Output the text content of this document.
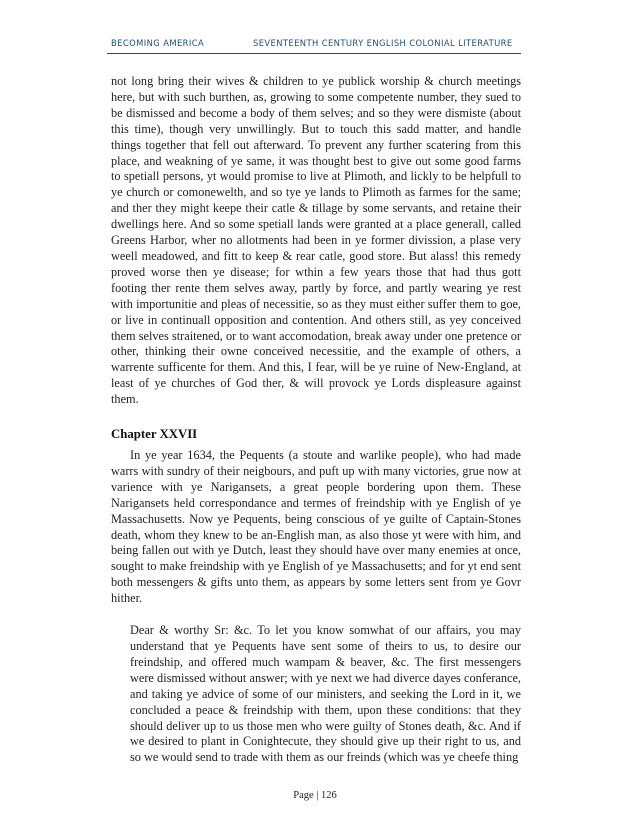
BECOMING AMERICA	SEVENTEENTH CENTURY ENGLISH COLONIAL LITERATURE

not long bring their wives & children to ye publick worship & church meetings here, but with such burthen, as, growing to some competente number, they sued to be dismissed and become a body of them selves; and so they were dismiste (about this time), though very unwillingly. But to touch this sadd matter, and handle things together that fell out afterward. To prevent any further scatering from this place, and weakning of ye same, it was thought best to give out some good farms to spetiall persons, yt would promise to live at Plimoth, and lickly to be helpfull to ye church or comonewelth, and so tye ye lands to Plimoth as farmes for the same; and ther they might keepe their catle & tillage by some servants, and retaine their dwellings here. And so some spetiall lands were granted at a place generall, called Greens Harbor, wher no allotments had been in ye former divission, a plase very weell meadowed, and fitt to keep & rear catle, good store. But alass! this remedy proved worse then ye disease; for wthin a few years those that had thus gott footing ther rente them selves away, partly by force, and partly wearing ye rest with importunitie and pleas of necessitie, so as they must either suffer them to goe, or live in continuall opposition and contention. And others still, as yey conceived them selves straitened, or to want accomodation, break away under one pretence or other, thinking their owne conceived necessitie, and the example of others, a warrente sufficente for them. And this, I fear, will be ye ruine of New-England, at least of ye churches of God ther, & will provock ye Lords displeasure against them.

Chapter XXVII

In ye year 1634, the Pequents (a stoute and warlike people), who had made warrs with sundry of their neigbours, and puft up with many victories, grue now at varience with ye Narigansets, a great people bordering upon them. These Narigansets held correspondance and termes of freindship with ye English of ye Massachusetts. Now ye Pequents, being conscious of ye guilte of Captain-Stones death, whom they knew to be an-English man, as also those yt were with him, and being fallen out with ye Dutch, least they should have over many enemies at once, sought to make freindship with ye English of ye Massachusetts; and for yt end sent both messengers & gifts unto them, as appears by some letters sent from ye Govr hither.

Dear & worthy Sr: &c. To let you know somwhat of our affairs, you may understand that ye Pequents have sent some of theirs to us, to desire our freindship, and offered much wampam & beaver, &c. The first messengers were dismissed without answer; with ye next we had diverce dayes conferance, and taking ye advice of some of our ministers, and seeking the Lord in it, we concluded a peace & freindship with them, upon these conditions: that they should deliver up to us those men who were guilty of Stones death, &c. And if we desired to plant in Conightecute, they should give up their right to us, and so we would send to trade with them as our freinds (which was ye cheefe thing

Page | 126
